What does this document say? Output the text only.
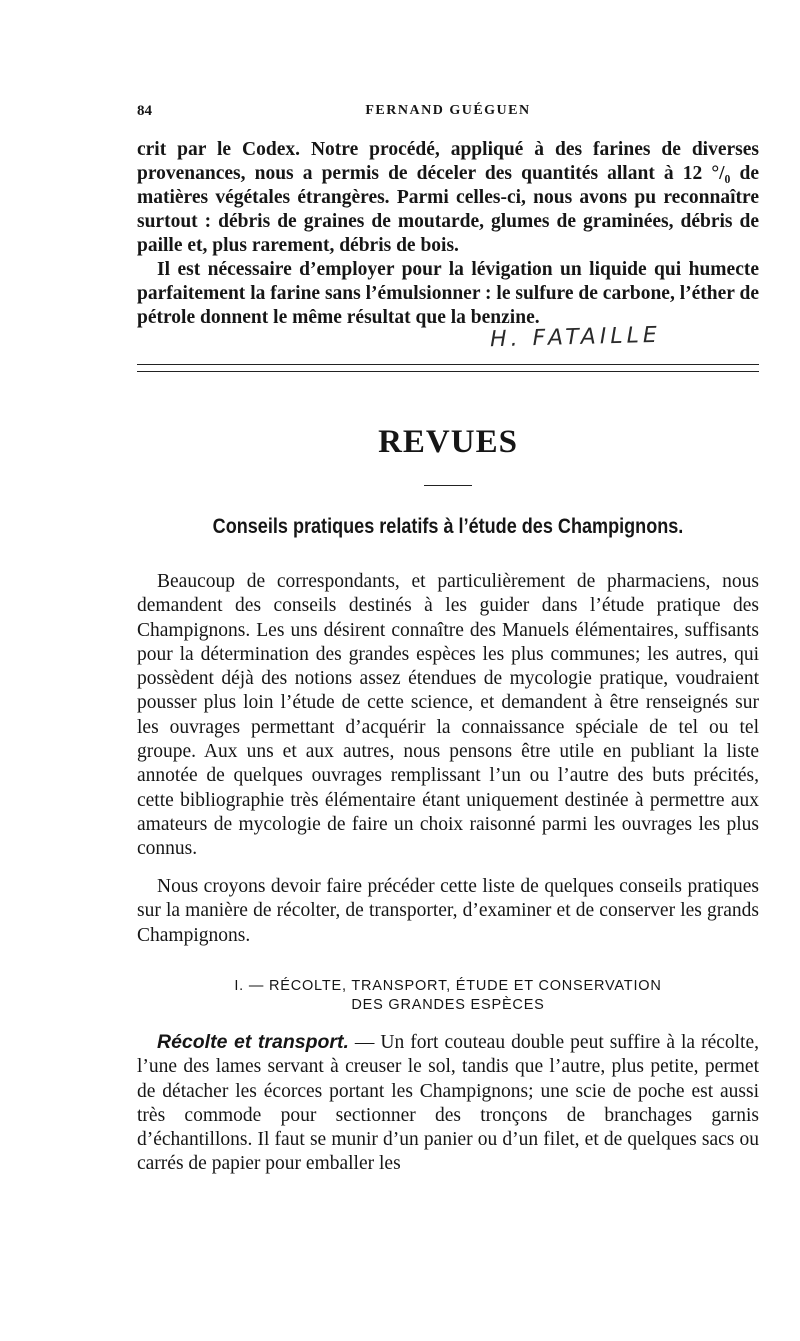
84	FERNAND GUÉGUEN

crit par le Codex. Notre procédé, appliqué à des farines de diverses provenances, nous a permis de déceler des quantités allant à 12 °/₀ de matières végétales étrangères. Parmi celles-ci, nous avons pu reconnaître surtout : débris de graines de moutarde, glumes de graminées, débris de paille et, plus rarement, débris de bois.

Il est nécessaire d’employer pour la lévigation un liquide qui humecte parfaitement la farine sans l’émulsionner : le sulfure de carbone, l’éther de pétrole donnent le même résultat que la benzine.

H. FATAILLE
REVUES
Conseils pratiques relatifs à l’étude des Champignons.

Beaucoup de correspondants, et particulièrement de pharmaciens, nous demandent des conseils destinés à les guider dans l’étude pratique des Champignons. Les uns désirent connaître des Manuels élémentaires, suffisants pour la détermination des grandes espèces les plus communes; les autres, qui possèdent déjà des notions assez étendues de mycologie pratique, voudraient pousser plus loin l’étude de cette science, et demandent à être renseignés sur les ouvrages permettant d’acquérir la connaissance spéciale de tel ou tel groupe. Aux uns et aux autres, nous pensons être utile en publiant la liste annotée de quelques ouvrages remplissant l’un ou l’autre des buts précités, cette bibliographie très élémentaire étant uniquement destinée à permettre aux amateurs de mycologie de faire un choix raisonné parmi les ouvrages les plus connus.

Nous croyons devoir faire précéder cette liste de quelques conseils pratiques sur la manière de récolter, de transporter, d’examiner et de conserver les grands Champignons.

I. — RÉCOLTE, TRANSPORT, ÉTUDE ET CONSERVATION
DES GRANDES ESPÈCES

Récolte et transport. — Un fort couteau double peut suffire à la récolte, l’une des lames servant à creuser le sol, tandis que l’autre, plus petite, permet de détacher les écorces portant les Champignons; une scie de poche est aussi très commode pour sectionner des tronçons de branchages garnis d’échantillons. Il faut se munir d’un panier ou d’un filet, et de quelques sacs ou carrés de papier pour emballer les
